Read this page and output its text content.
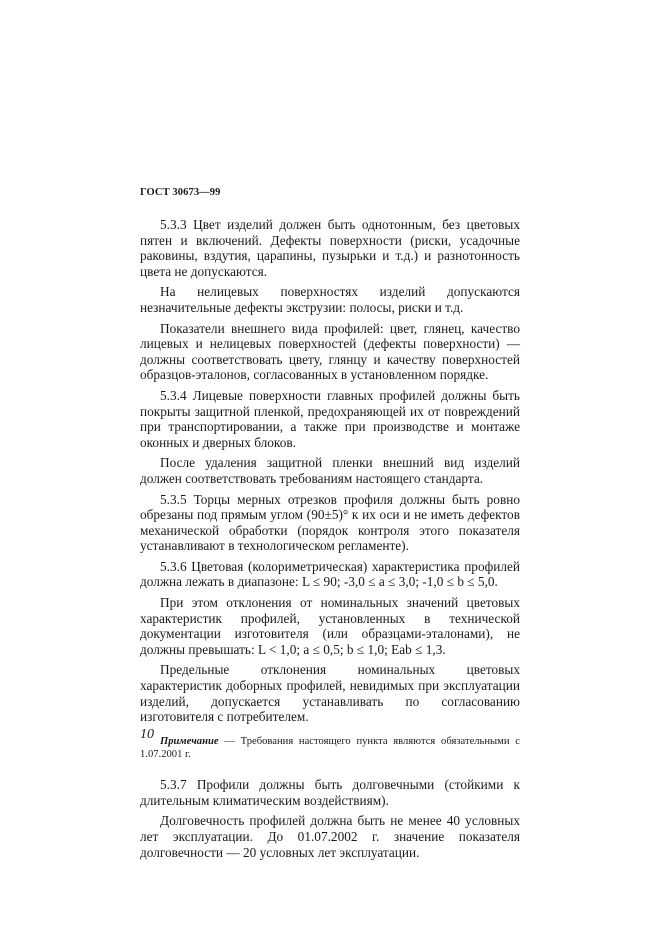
ГОСТ 30673—99

5.3.3 Цвет изделий должен быть однотонным, без цветовых пятен и включений. Дефекты поверхности (риски, усадочные раковины, вздутия, царапины, пузырьки и т.д.) и разнотонность цвета не допускаются.

На нелицевых поверхностях изделий допускаются незначительные дефекты экструзии: полосы, риски и т.д.

Показатели внешнего вида профилей: цвет, глянец, качество лицевых и нелицевых поверхностей (дефекты поверхности) — должны соответствовать цвету, глянцу и качеству поверхностей образцов-эталонов, согласованных в установленном порядке.

5.3.4 Лицевые поверхности главных профилей должны быть покрыты защитной пленкой, предохраняющей их от повреждений при транспортировании, а также при производстве и монтаже оконных и дверных блоков.

После удаления защитной пленки внешний вид изделий должен соответствовать требованиям настоящего стандарта.

5.3.5 Торцы мерных отрезков профиля должны быть ровно обрезаны под прямым углом (90±5)° к их оси и не иметь дефектов механической обработки (порядок контроля этого показателя устанавливают в технологическом регламенте).

5.3.6 Цветовая (колориметрическая) характеристика профилей должна лежать в диапазоне: L ≤ 90; -3,0 ≤ a ≤ 3,0; -1,0 ≤ b ≤ 5,0.

При этом отклонения от номинальных значений цветовых характеристик профилей, установленных в технической документации изготовителя (или образцами-эталонами), не должны превышать: L < 1,0; a ≤ 0,5; b ≤ 1,0; Eab ≤ 1,3.

Предельные отклонения номинальных цветовых характеристик доборных профилей, невидимых при эксплуатации изделий, допускается устанавливать по согласованию изготовителя с потребителем.

Примечание — Требования настоящего пункта являются обязательными с 1.07.2001 г.

5.3.7 Профили должны быть долговечными (стойкими к длительным климатическим воздействиям).

Долговечность профилей должна быть не менее 40 условных лет эксплуатации. До 01.07.2002 г. значение показателя долговечности — 20 условных лет эксплуатации.

10
